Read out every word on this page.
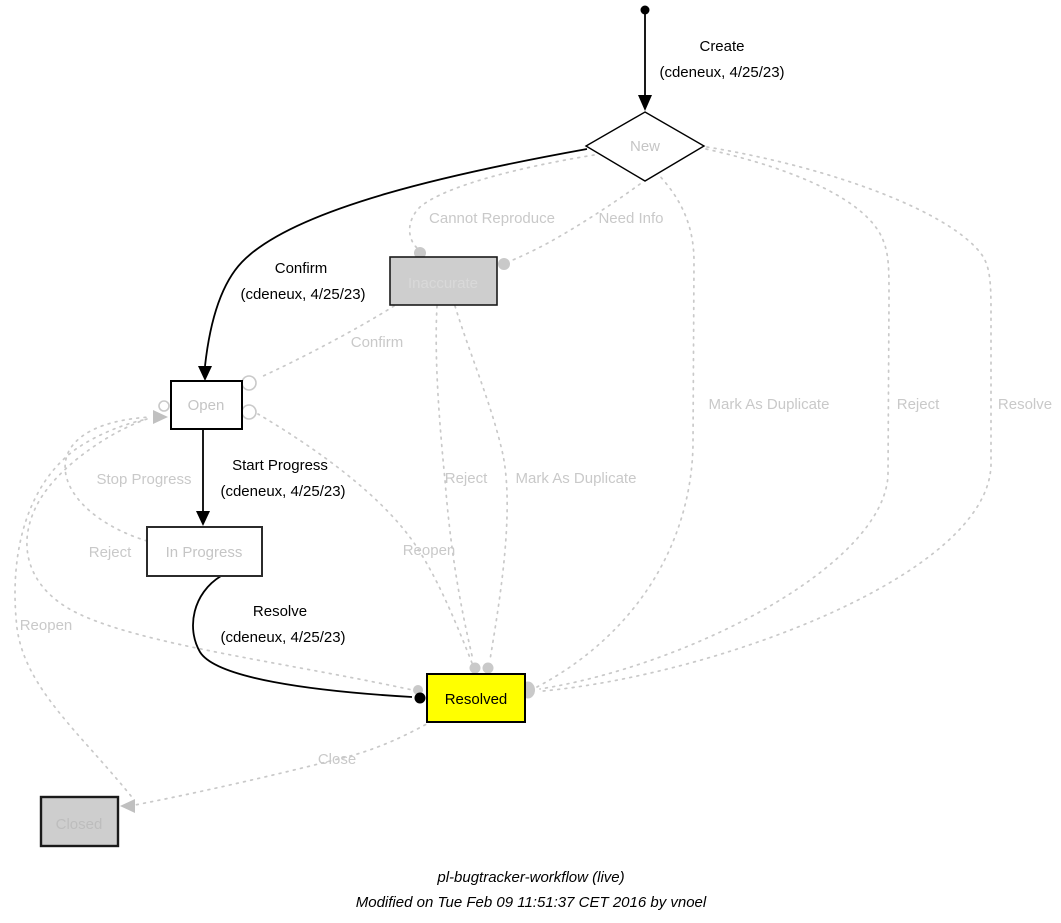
Cannot Reproduce	Need Info
Confirm
Mark As Duplicate	Reject	Resolve
Stop Progress	Reject Mark As Duplicate
Reject	Reopen
Reopen
Close
Create
(cdeneux, 4/25/23)
Confirm
(cdeneux, 4/25/23)
Start Progress
(cdeneux, 4/25/23)
Resolve
(cdeneux, 4/25/23)
New
Inaccurate
Open
In Progress
Resolved
Closed
pl-bugtracker-workflow (live)
Modified on Tue Feb 09 11:51:37 CET 2016 by vnoel
